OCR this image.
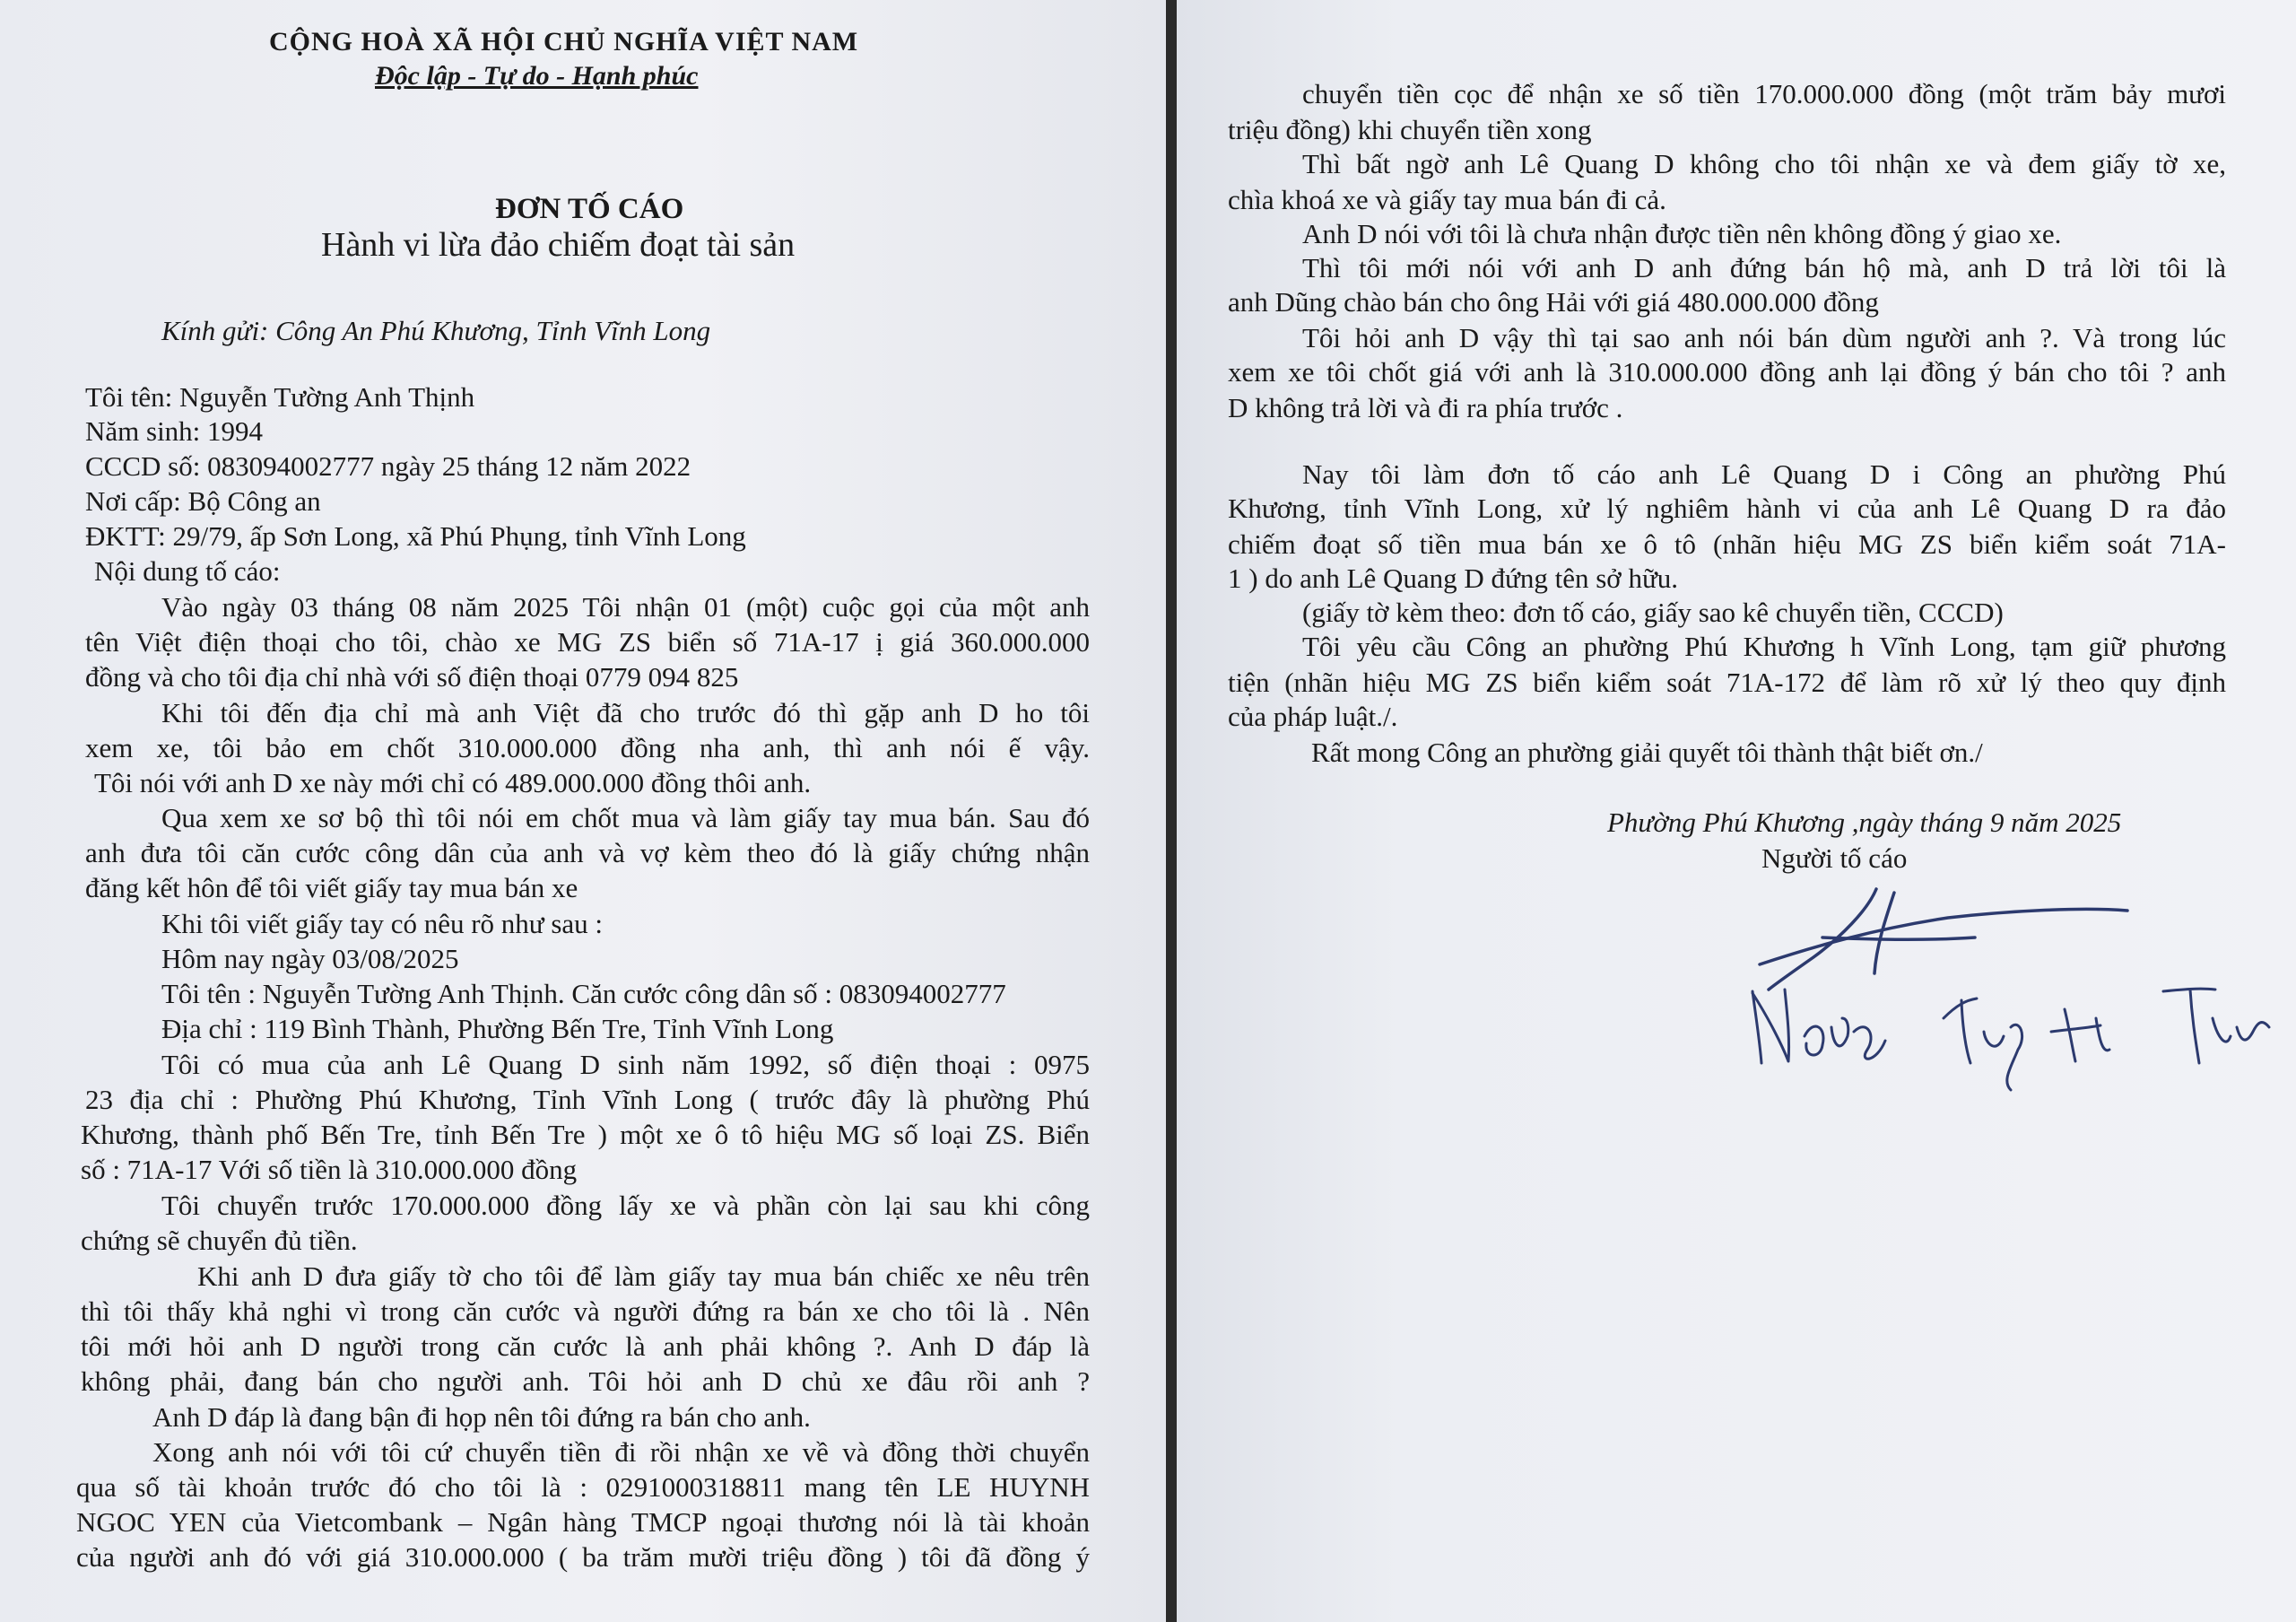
CỘNG HOÀ XÃ HỘI CHỦ NGHĨA VIỆT NAM
Độc lập - Tự do - Hạnh phúc
ĐƠN TỐ CÁO
Hành vi lừa đảo chiếm đoạt tài sản
Kính gửi: Công An Phú Khương, Tỉnh Vĩnh Long
Tôi tên: Nguyễn Tường Anh Thịnh
Năm sinh: 1994
CCCD số: 083094002777 ngày 25 tháng 12 năm 2022
Nơi cấp: Bộ Công an
ĐKTT: 29/79, ấp Sơn Long, xã Phú Phụng, tỉnh Vĩnh Long
Nội dung tố cáo:
Vào ngày 03 tháng 08 năm 2025 Tôi nhận 01 (một) cuộc gọi của một anh
tên Việt điện thoại cho tôi, chào xe MG ZS biển số 71A-17 ị giá 360.000.000
đồng và cho tôi địa chỉ nhà với số điện thoại 0779 094 825
Khi tôi đến địa chỉ mà anh Việt đã cho trước đó thì gặp anh D ho tôi
xem xe, tôi bảo em chốt 310.000.000 đồng nha anh, thì anh nói ế vậy.
Tôi nói với anh D xe này mới chỉ có 489.000.000 đồng thôi anh.
Qua xem xe sơ bộ thì tôi nói em chốt mua và làm giấy tay mua bán. Sau đó
anh đưa tôi căn cước công dân của anh và vợ kèm theo đó là giấy chứng nhận
đăng kết hôn để tôi viết giấy tay mua bán xe
Khi tôi viết giấy tay có nêu rõ như sau :
Hôm nay ngày 03/08/2025
Tôi tên : Nguyễn Tường Anh Thịnh. Căn cước công dân số : 083094002777
Địa chỉ : 119 Bình Thành, Phường Bến Tre, Tỉnh Vĩnh Long
Tôi có mua của anh Lê Quang D sinh năm 1992, số điện thoại : 0975
23 địa chỉ : Phường Phú Khương, Tỉnh Vĩnh Long ( trước đây là phường Phú
Khương, thành phố Bến Tre, tỉnh Bến Tre ) một xe ô tô hiệu MG số loại ZS. Biển
số : 71A-17 Với số tiền là 310.000.000 đồng
Tôi chuyển trước 170.000.000 đồng lấy xe và phần còn lại sau khi công
chứng sẽ chuyển đủ tiền.
Khi anh D đưa giấy tờ cho tôi để làm giấy tay mua bán chiếc xe nêu trên
thì tôi thấy khả nghi vì trong căn cước và người đứng ra bán xe cho tôi là . Nên
tôi mới hỏi anh D người trong căn cước là anh phải không ?. Anh D đáp là
không phải, đang bán cho người anh. Tôi hỏi anh D chủ xe đâu rồi anh ?
Anh D đáp là đang bận đi họp nên tôi đứng ra bán cho anh.
Xong anh nói với tôi cứ chuyển tiền đi rồi nhận xe về và đồng thời chuyển
qua số tài khoản trước đó cho tôi là : 0291000318811 mang tên LE HUYNH
NGOC YEN của Vietcombank – Ngân hàng TMCP ngoại thương nói là tài khoản
của người anh đó với giá 310.000.000 ( ba trăm mười triệu đồng ) tôi đã đồng ý
chuyển tiền cọc để nhận xe số tiền 170.000.000 đồng (một trăm bảy mươi
triệu đồng) khi chuyển tiền xong
Thì bất ngờ anh Lê Quang D không cho tôi nhận xe và đem giấy tờ xe,
chìa khoá xe và giấy tay mua bán đi cả.
Anh D nói với tôi là chưa nhận được tiền nên không đồng ý giao xe.
Thì tôi mới nói với anh D anh đứng bán hộ mà, anh D trả lời tôi là
anh Dũng chào bán cho ông Hải với giá 480.000.000 đồng
Tôi hỏi anh D vậy thì tại sao anh nói bán dùm người anh ?. Và trong lúc
xem xe tôi chốt giá với anh là 310.000.000 đồng anh lại đồng ý bán cho tôi ? anh
D không trả lời và đi ra phía trước .
Nay tôi làm đơn tố cáo anh Lê Quang D i Công an phường Phú
Khương, tỉnh Vĩnh Long, xử lý nghiêm hành vi của anh Lê Quang D ra đảo
chiếm đoạt số tiền mua bán xe ô tô (nhãn hiệu MG ZS biển kiểm soát 71A-
1 ) do anh Lê Quang D đứng tên sở hữu.
(giấy tờ kèm theo: đơn tố cáo, giấy sao kê chuyển tiền, CCCD)
Tôi yêu cầu Công an phường Phú Khương h Vĩnh Long, tạm giữ phương
tiện (nhãn hiệu MG ZS biển kiểm soát 71A-172 để làm rõ xử lý theo quy định
của pháp luật./.
Rất mong Công an phường giải quyết tôi thành thật biết ơn./
Phường Phú Khương ,ngày tháng 9 năm 2025
Người tố cáo
